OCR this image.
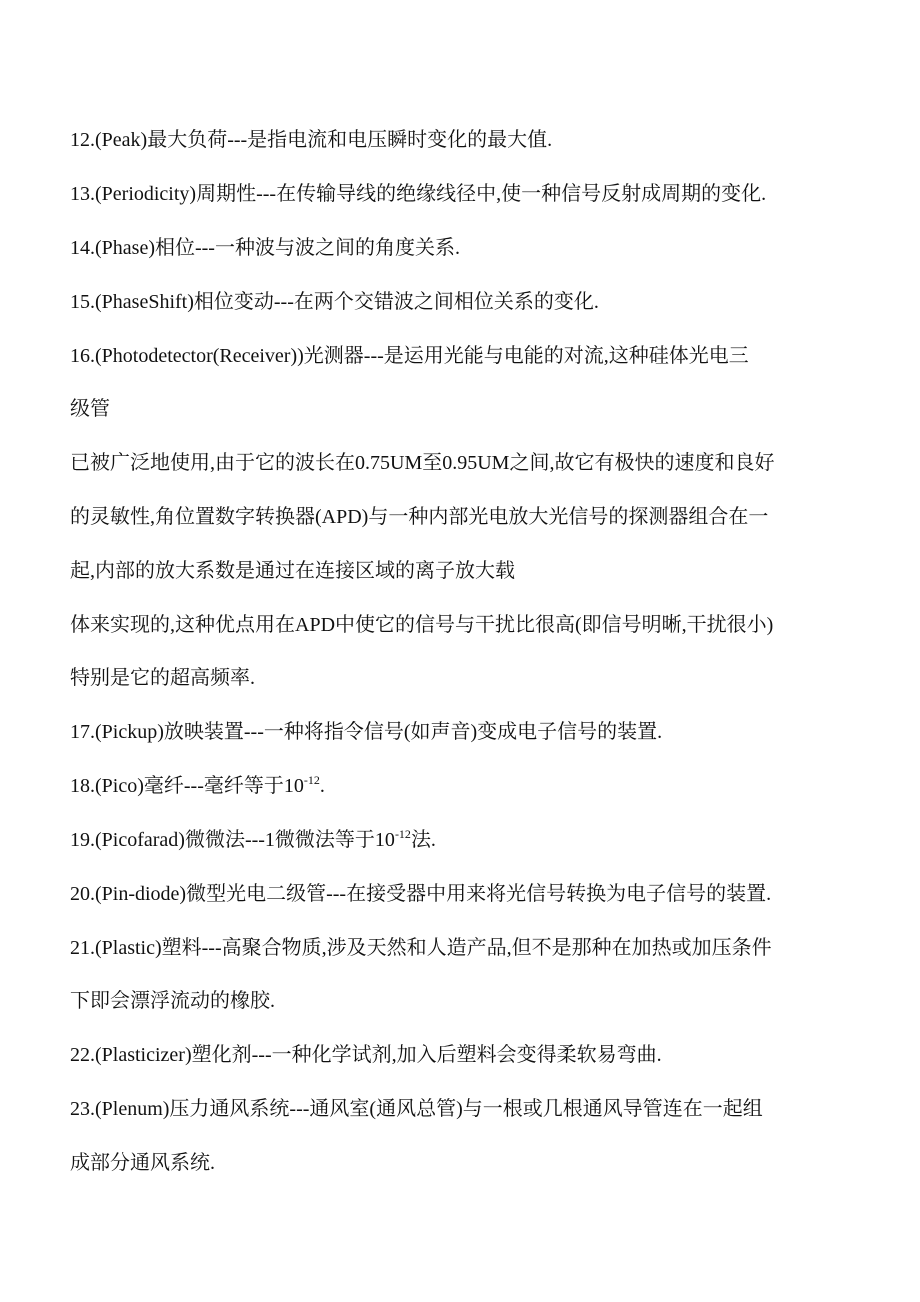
12.(Peak)最大负荷---是指电流和电压瞬时变化的最大值.
13.(Periodicity)周期性---在传输导线的绝缘线径中,使一种信号反射成周期的变化.
14.(Phase)相位---一种波与波之间的角度关系.
15.(PhaseShift)相位变动---在两个交错波之间相位关系的变化.
16.(Photodetector(Receiver))光测器---是运用光能与电能的对流,这种硅体光电三
级管
已被广泛地使用,由于它的波长在0.75UM至0.95UM之间,故它有极快的速度和良好
的灵敏性,角位置数字转换器(APD)与一种内部光电放大光信号的探测器组合在一
起,内部的放大系数是通过在连接区域的离子放大载
体来实现的,这种优点用在APD中使它的信号与干扰比很高(即信号明晰,干扰很小)
特别是它的超高频率.
17.(Pickup)放映装置---一种将指令信号(如声音)变成电子信号的装置.
18.(Pico)毫纤---毫纤等于$10^{-12}$.
19.(Picofarad)微微法---1微微法等于$10^{-12}$法.
20.(Pin-diode)微型光电二级管---在接受器中用来将光信号转换为电子信号的装置.
21.(Plastic)塑料---高聚合物质,涉及天然和人造产品,但不是那种在加热或加压条件
下即会漂浮流动的橡胶.
22.(Plasticizer)塑化剂---一种化学试剂,加入后塑料会变得柔软易弯曲.
23.(Plenum)压力通风系统---通风室(通风总管)与一根或几根通风导管连在一起组
成部分通风系统.
